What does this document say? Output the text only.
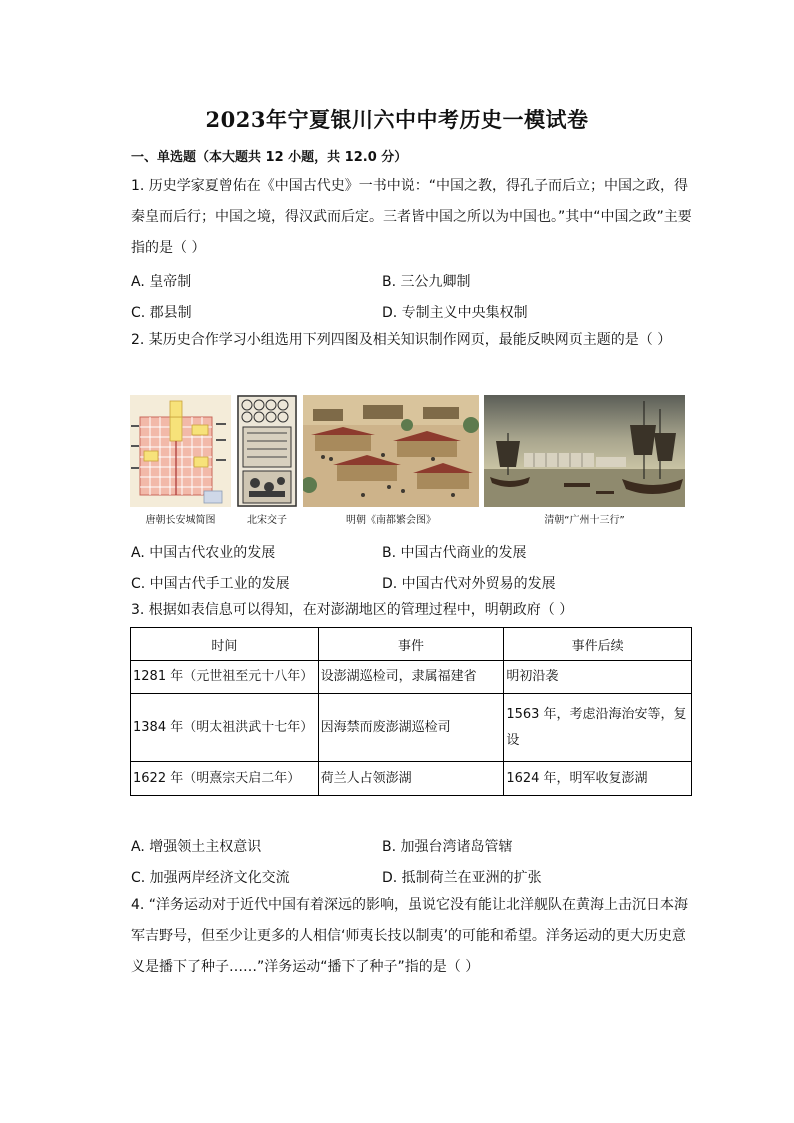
2023年宁夏银川六中中考历史一模试卷
一、单选题（本大题共 12 小题，共 12.0 分）
1. 历史学家夏曾佑在《中国古代史》一书中说：“中国之教，得孔子而后立；中国之政，得秦皇而后行；中国之境，得汉武而后定。三者皆中国之所以为中国也。”其中“中国之政”主要指的是（ ）
A. 皇帝制	B. 三公九卿制
C. 郡县制	D. 专制主义中央集权制
2. 某历史合作学习小组选用下列四图及相关知识制作网页，最能反映网页主题的是（ ）
唐朝长安城简图	北宋交子	明朝《南都繁会图》	清朝“广州十三行”
A. 中国古代农业的发展	B. 中国古代商业的发展
C. 中国古代手工业的发展	D. 中国古代对外贸易的发展
3. 根据如表信息可以得知，在对澎湖地区的管理过程中，明朝政府（ ）
时间	事件	事件后续
1281 年（元世祖至元十八年）	设澎湖巡检司，隶属福建省	明初沿袭
1384 年（明太祖洪武十七年）	因海禁而废澎湖巡检司	1563 年，考虑沿海治安等，复设
1622 年（明熹宗天启二年）	荷兰人占领澎湖	1624 年，明军收复澎湖
A. 增强领土主权意识	B. 加强台湾诸岛管辖
C. 加强两岸经济文化交流	D. 抵制荷兰在亚洲的扩张
4. “洋务运动对于近代中国有着深远的影响，虽说它没有能让北洋舰队在黄海上击沉日本海军吉野号，但至少让更多的人相信‘师夷长技以制夷’的可能和希望。洋务运动的更大历史意义是播下了种子……”洋务运动“播下了种子”指的是（ ）
